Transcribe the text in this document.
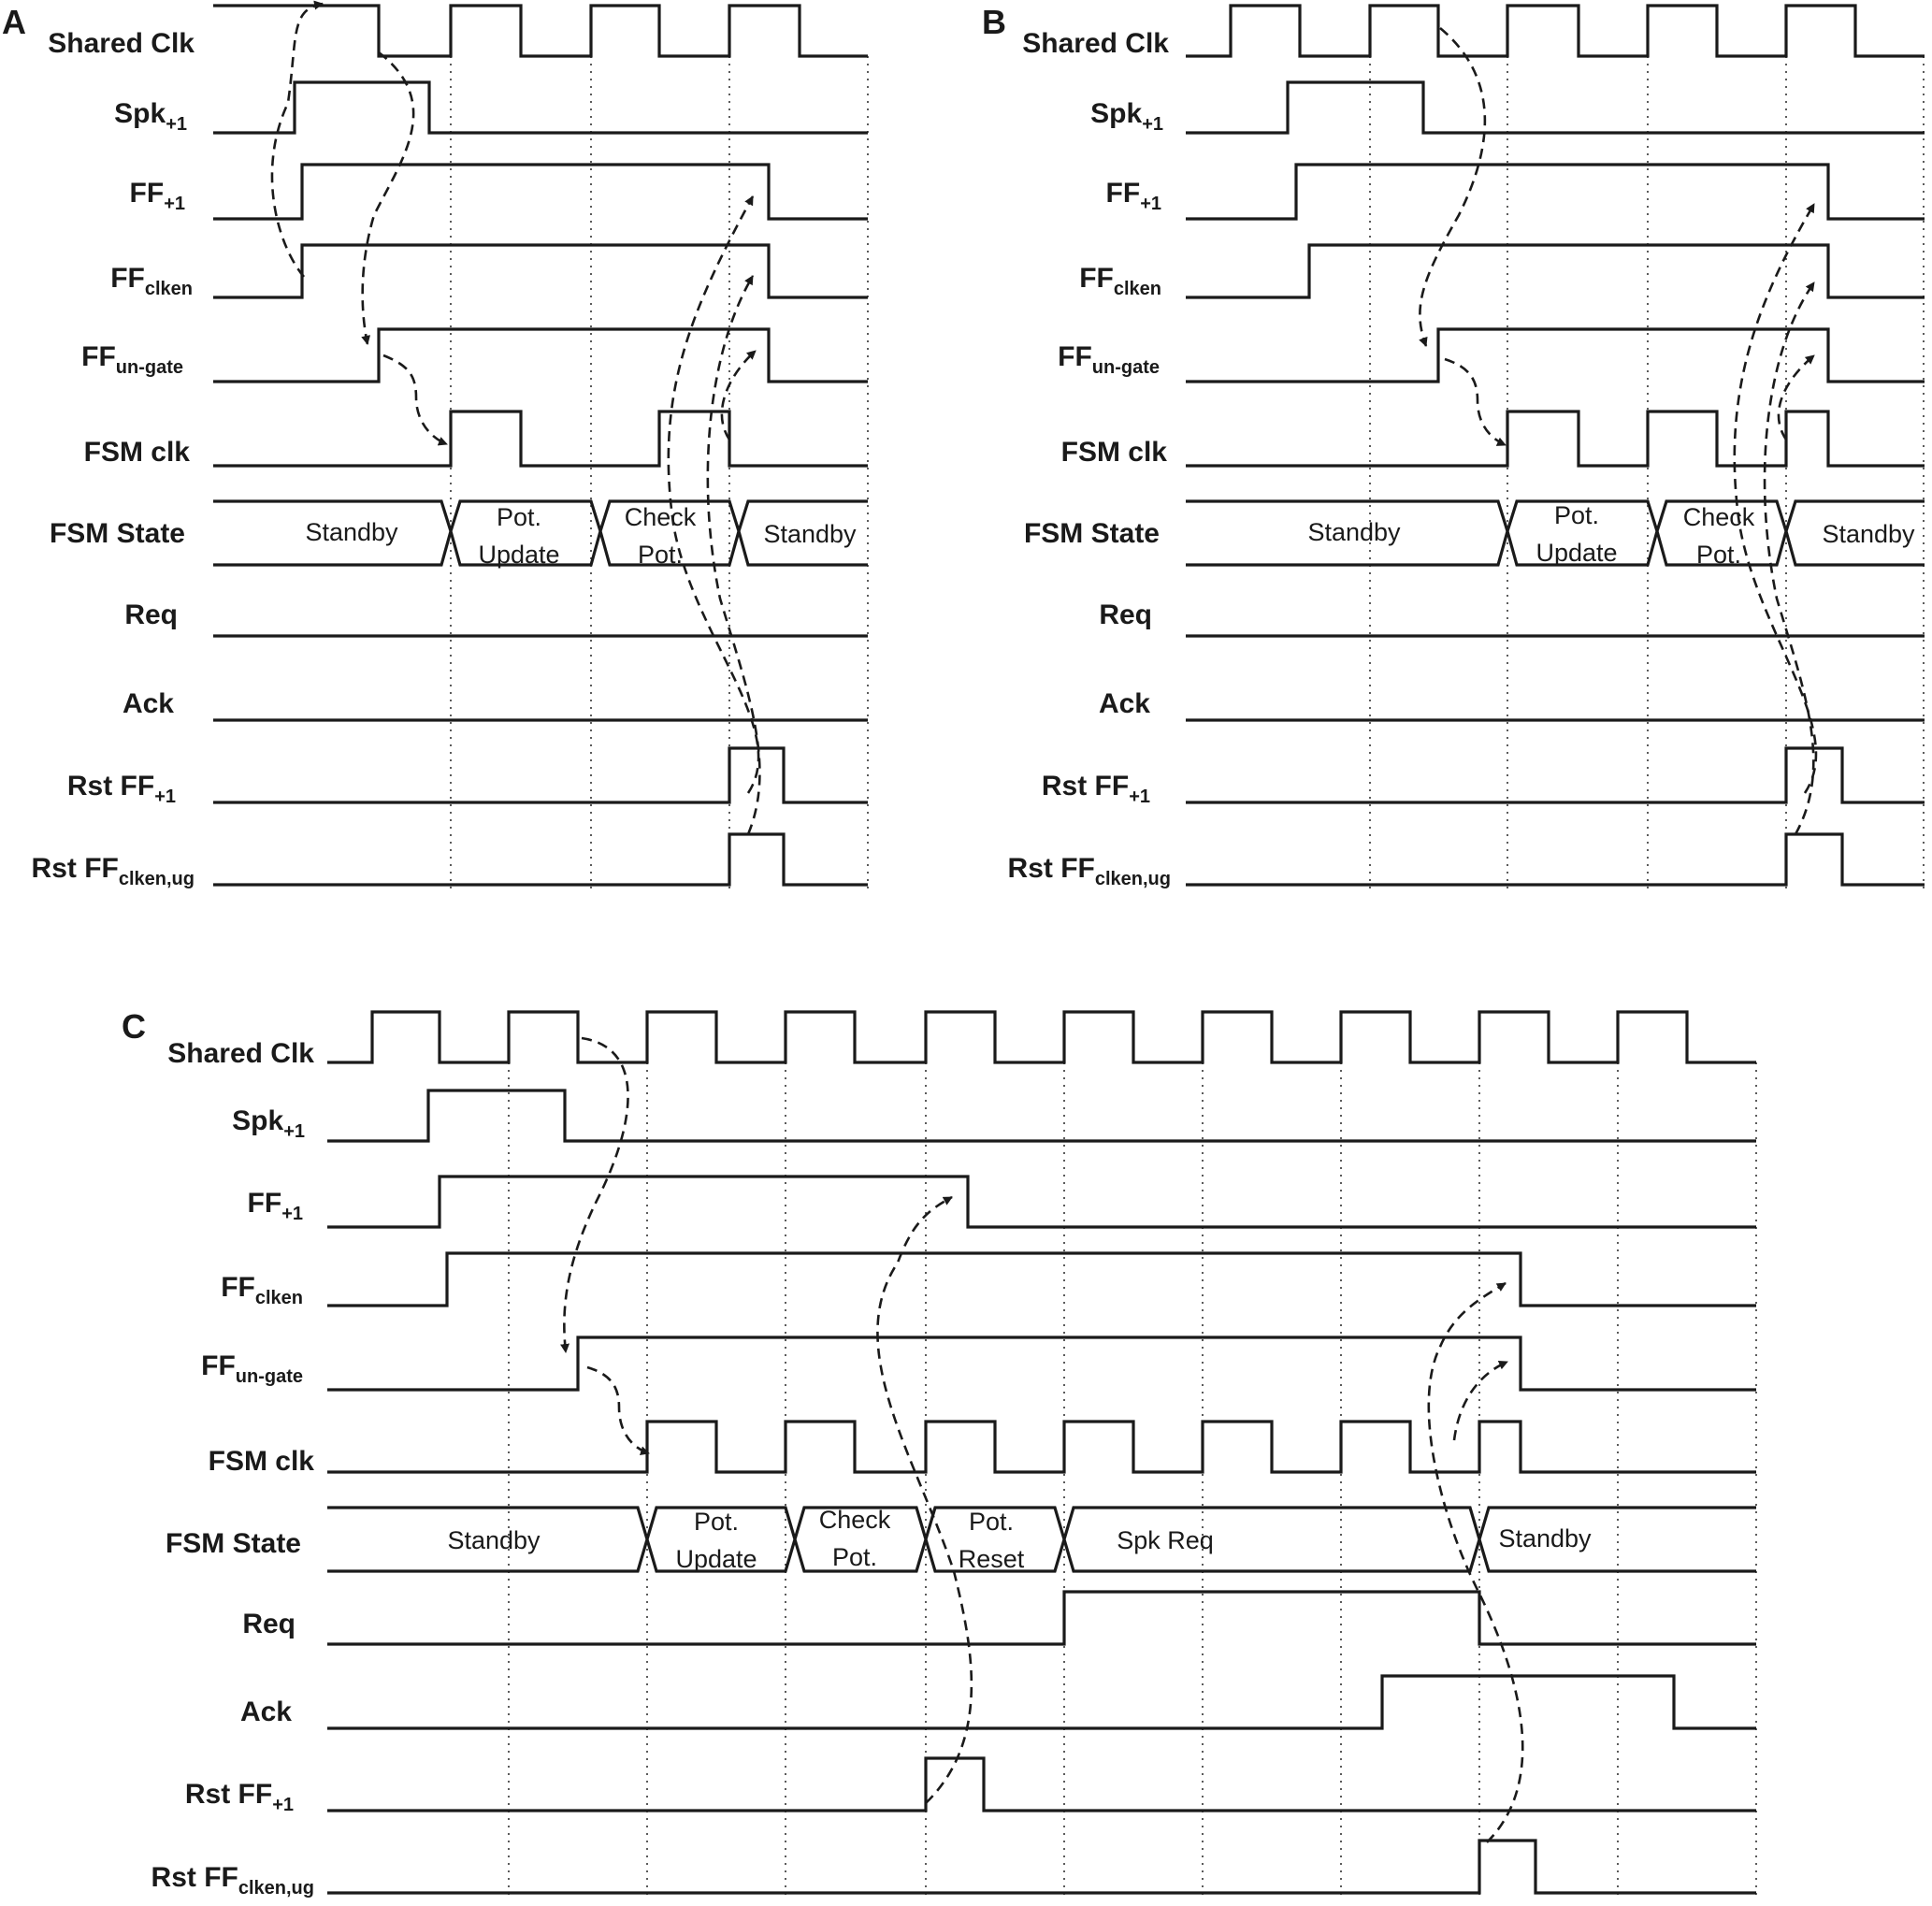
A
Shared Clk
Spk$_{+1}$
$FF_{+1}$
$FF_{clken}$
$FF_{un-gate}$
FSM clk
FSM State
Req
Ack
Rst $FF_{+1}$
Rst $FF_{clken,ug}$
Standby
Pot.
Update
Check
Pot.
Standby
B
Shared Clk
Spk$_{+1}$
$FF_{+1}$
$FF_{clken}$
$FF_{un-gate}$
FSM clk
FSM State
Req
Ack
Rst $FF_{+1}$
Rst $FF_{clken,ug}$
Standby
Pot.
Update
Check
Pot.
Standby
C
Shared Clk
Spk$_{+1}$
$FF_{+1}$
$FF_{clken}$
$FF_{un-gate}$
FSM clk
FSM State
Req
Ack
Rst $FF_{+1}$
Rst $FF_{clken,ug}$
Standby
Pot.
Update
Check
Pot.
Pot.
Reset
Spk Req	Standby
